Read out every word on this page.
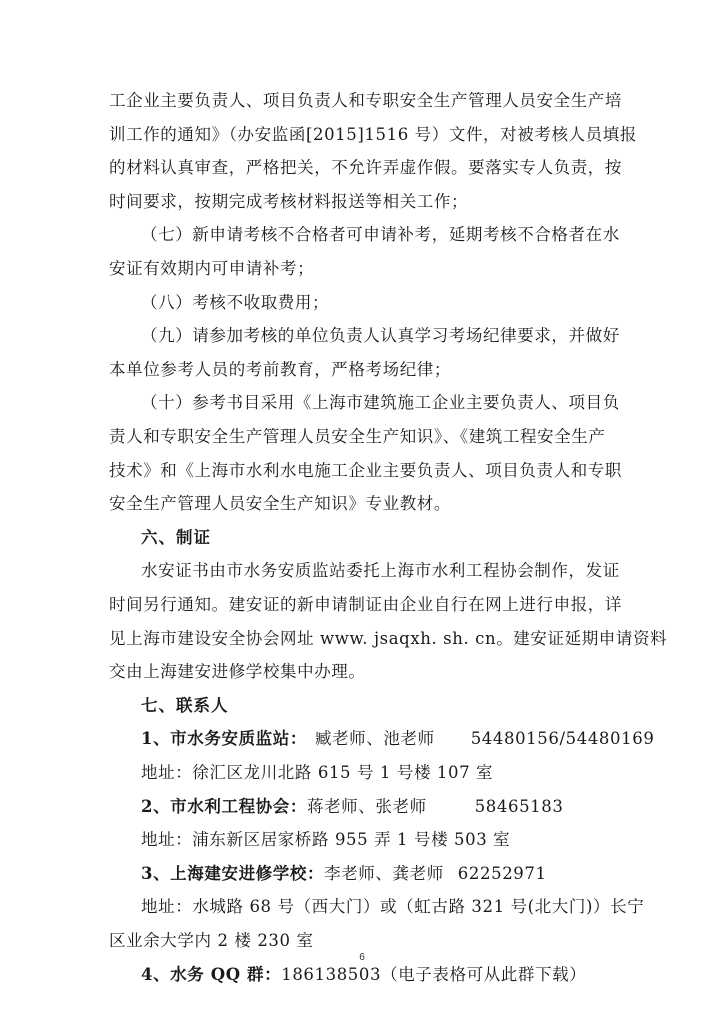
工企业主要负责人、项目负责人和专职安全生产管理人员安全生产培
训工作的通知》（办安监函[2015]1516 号）文件，对被考核人员填报
的材料认真审查，严格把关，不允许弄虚作假。要落实专人负责，按
时间要求，按期完成考核材料报送等相关工作；
（七）新申请考核不合格者可申请补考，延期考核不合格者在水
安证有效期内可申请补考；
（八）考核不收取费用；
（九）请参加考核的单位负责人认真学习考场纪律要求，并做好
本单位参考人员的考前教育，严格考场纪律；
（十）参考书目采用《上海市建筑施工企业主要负责人、项目负
责人和专职安全生产管理人员安全生产知识》、《建筑工程安全生产
技术》和《上海市水利水电施工企业主要负责人、项目负责人和专职
安全生产管理人员安全生产知识》专业教材。
六、制证
水安证书由市水务安质监站委托上海市水利工程协会制作，发证
时间另行通知。建安证的新申请制证由企业自行在网上进行申报，详
见上海市建设安全协会网址 www. jsaqxh. sh. cn。建安证延期申请资料
交由上海建安进修学校集中办理。
七、联系人
1、市水务安质监站： 臧老师、池老师 54480156/54480169
地址：徐汇区龙川北路 615 号 1 号楼 107 室
2、市水利工程协会：蒋老师、张老师	58465183
地址：浦东新区居家桥路 955 弄 1 号楼 503 室
3、上海建安进修学校：李老师、龚老师 62252971
地址：水城路 68 号（西大门）或（虹古路 321 号(北大门)）长宁
区业余大学内 2 楼 230 室
6
4、水务 QQ 群：186138503（电子表格可从此群下载）
